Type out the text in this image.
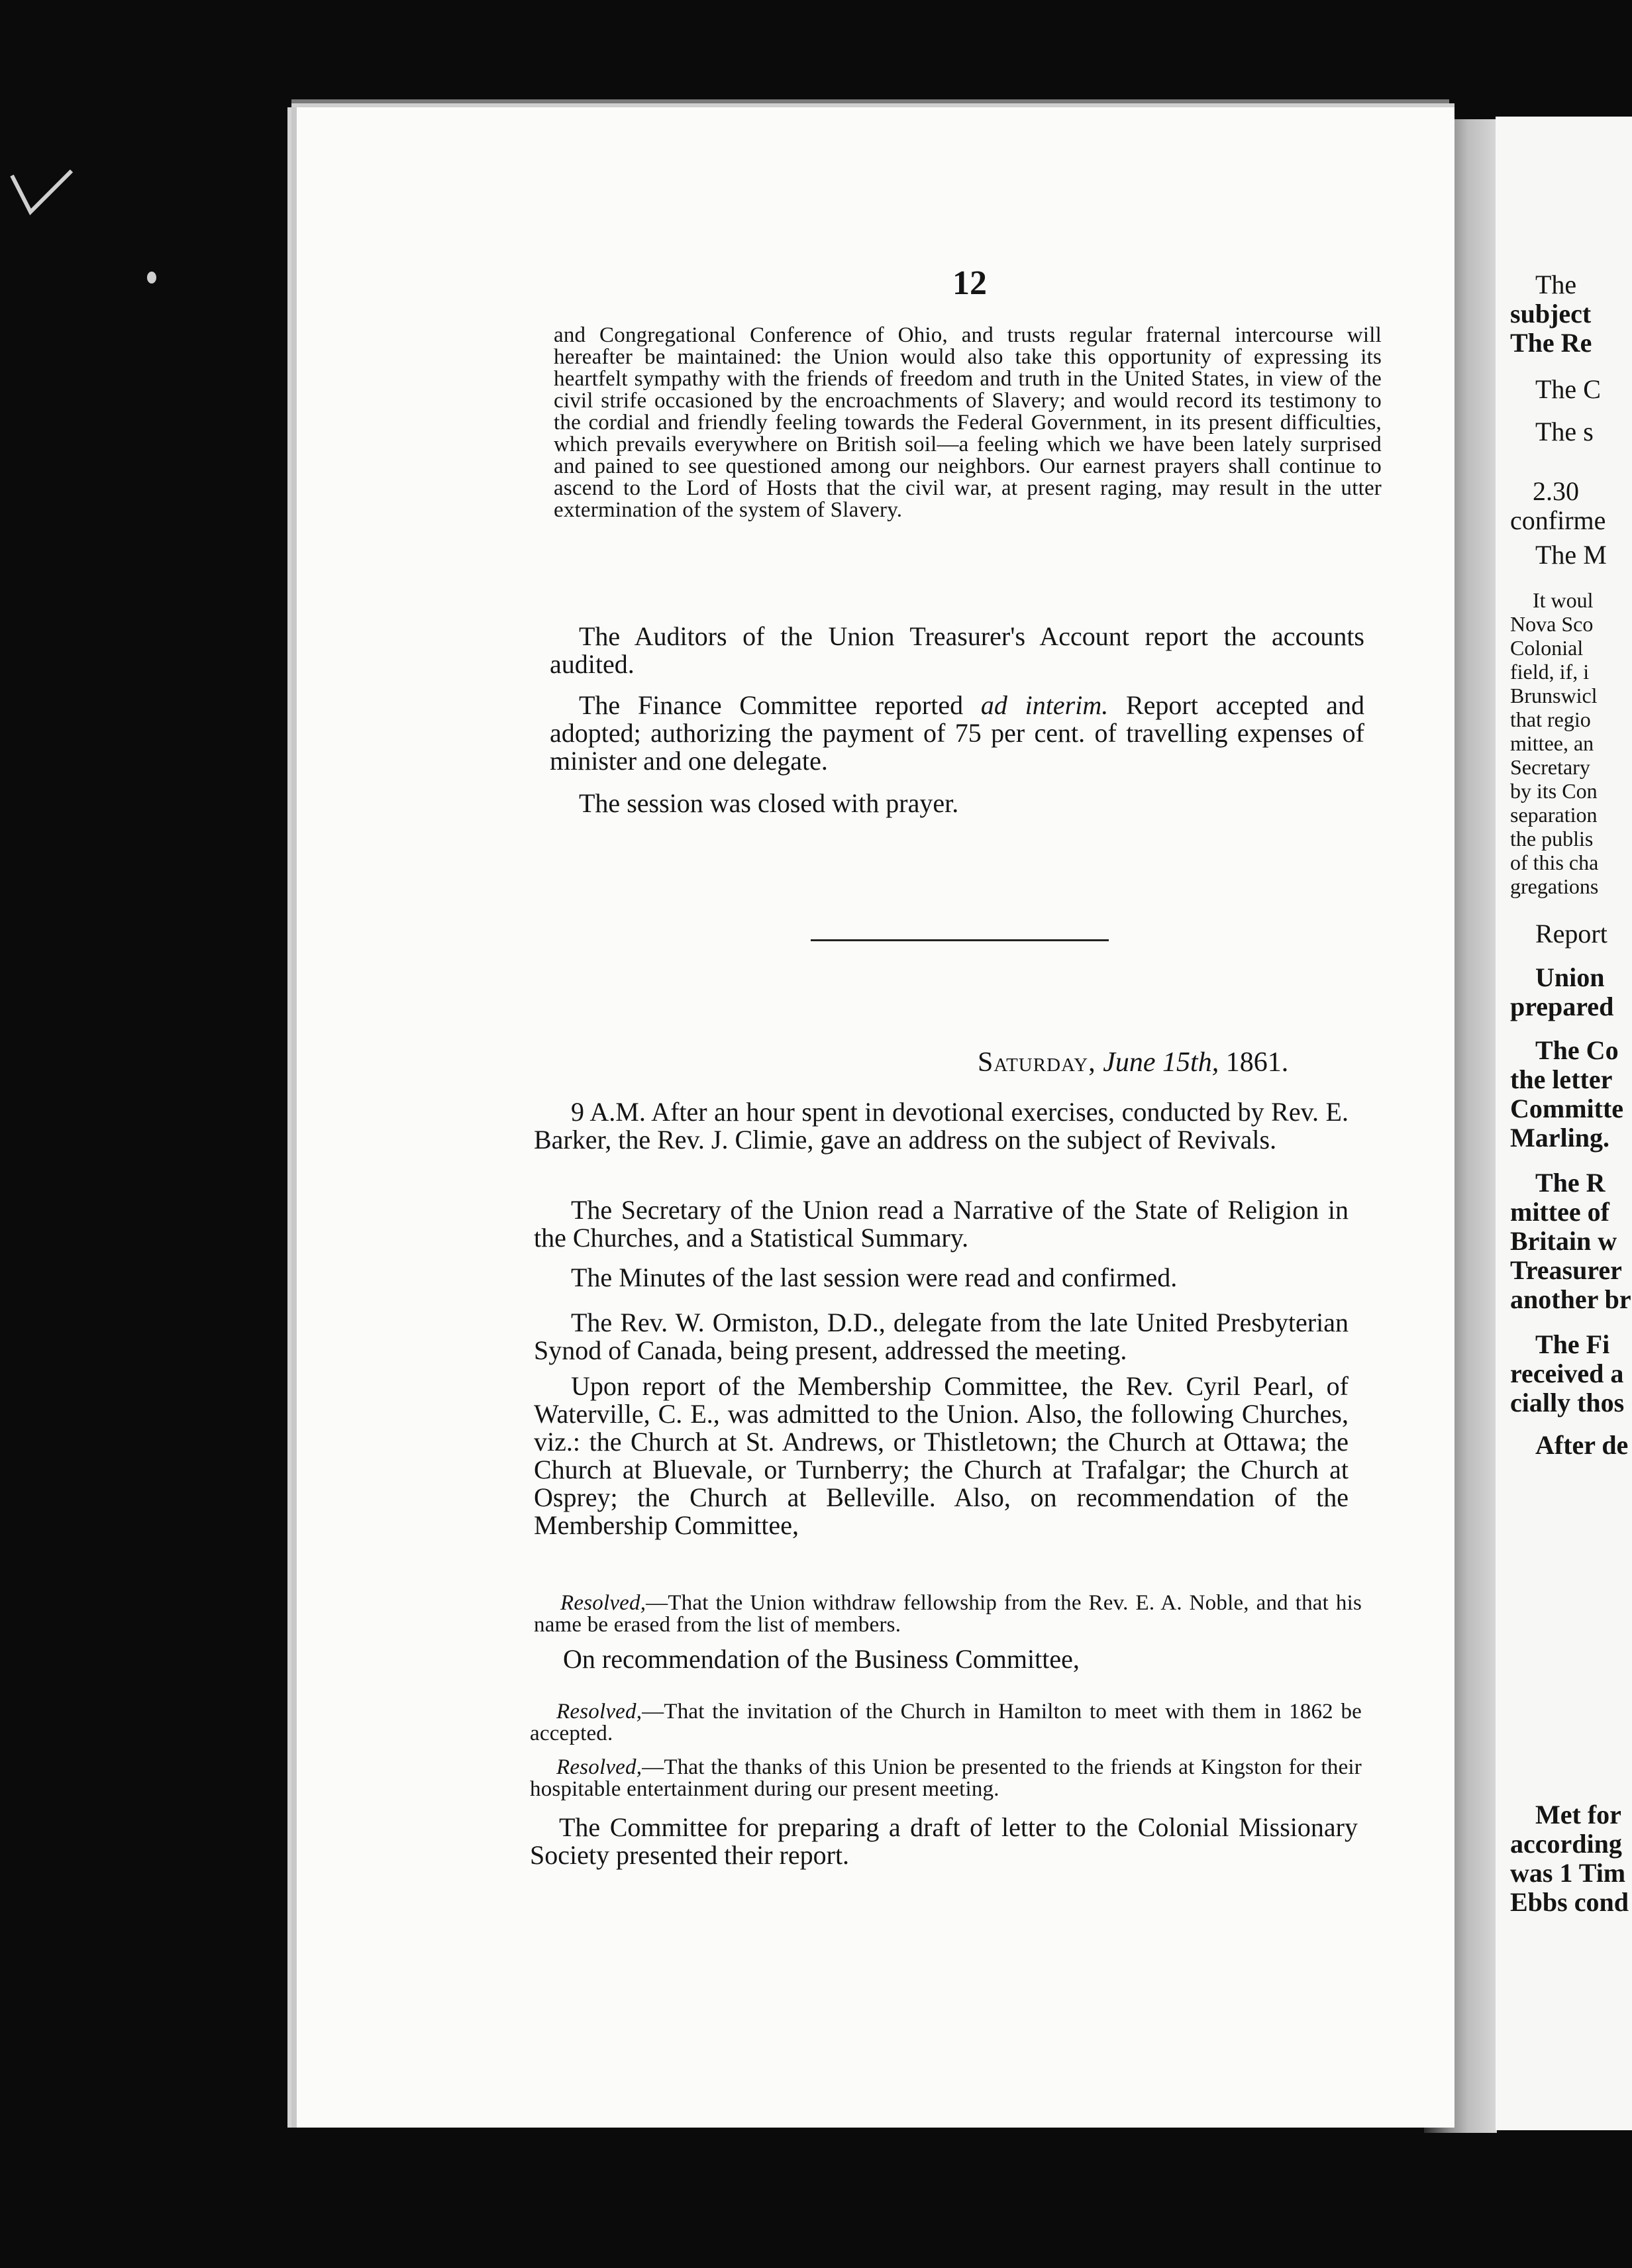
12
and Congregational Conference of Ohio, and trusts regular fraternal intercourse will hereafter be maintained: the Union would also take this opportunity of expressing its heartfelt sympathy with the friends of freedom and truth in the United States, in view of the civil strife occasioned by the encroachments of Slavery; and would record its testimony to the cordial and friendly feeling towards the Federal Government, in its present difficulties, which prevails everywhere on British soil—a feeling which we have been lately surprised and pained to see questioned among our neighbors. Our earnest prayers shall continue to ascend to the Lord of Hosts that the civil war, at present raging, may result in the utter extermination of the system of Slavery.
The Auditors of the Union Treasurer's Account report the accounts audited.
The Finance Committee reported ad interim. Report accepted and adopted; authorizing the payment of 75 per cent. of travelling expenses of minister and one delegate.
The session was closed with prayer.
Saturday, June 15th, 1861.
9 A.M. After an hour spent in devotional exercises, conducted by Rev. E. Barker, the Rev. J. Climie, gave an address on the subject of Revivals.
The Secretary of the Union read a Narrative of the State of Religion in the Churches, and a Statistical Summary.
The Minutes of the last session were read and confirmed.
The Rev. W. Ormiston, D.D., delegate from the late United Presbyterian Synod of Canada, being present, addressed the meeting.
Upon report of the Membership Committee, the Rev. Cyril Pearl, of Waterville, C. E., was admitted to the Union. Also, the following Churches, viz.: the Church at St. Andrews, or Thistletown; the Church at Ottawa; the Church at Bluevale, or Turnberry; the Church at Trafalgar; the Church at Osprey; the Church at Belleville. Also, on recommendation of the Membership Committee,
Resolved,—That the Union withdraw fellowship from the Rev. E. A. Noble, and that his name be erased from the list of members.
On recommendation of the Business Committee,
Resolved,—That the invitation of the Church in Hamilton to meet with them in 1862 be accepted.
Resolved,—That the thanks of this Union be presented to the friends at Kingston for their hospitable entertainment during our present meeting.
The Committee for preparing a draft of letter to the Colonial Missionary Society presented their report.
The
subject
The Re
The C
The s
2.30
confirme
The M
It woul
Nova Sco
Colonial
field, if, i
Brunswicl
that regio
mittee, an
Secretary
by its Con
separation
the publis
of this cha
gregations
Report
Union
prepared
The Co
the letter
Committe
Marling.
The R
mittee of
Britain w
Treasurer
another br
The Fi
received a
cially thos
After de
Met for
according
was 1 Tim
Ebbs cond
